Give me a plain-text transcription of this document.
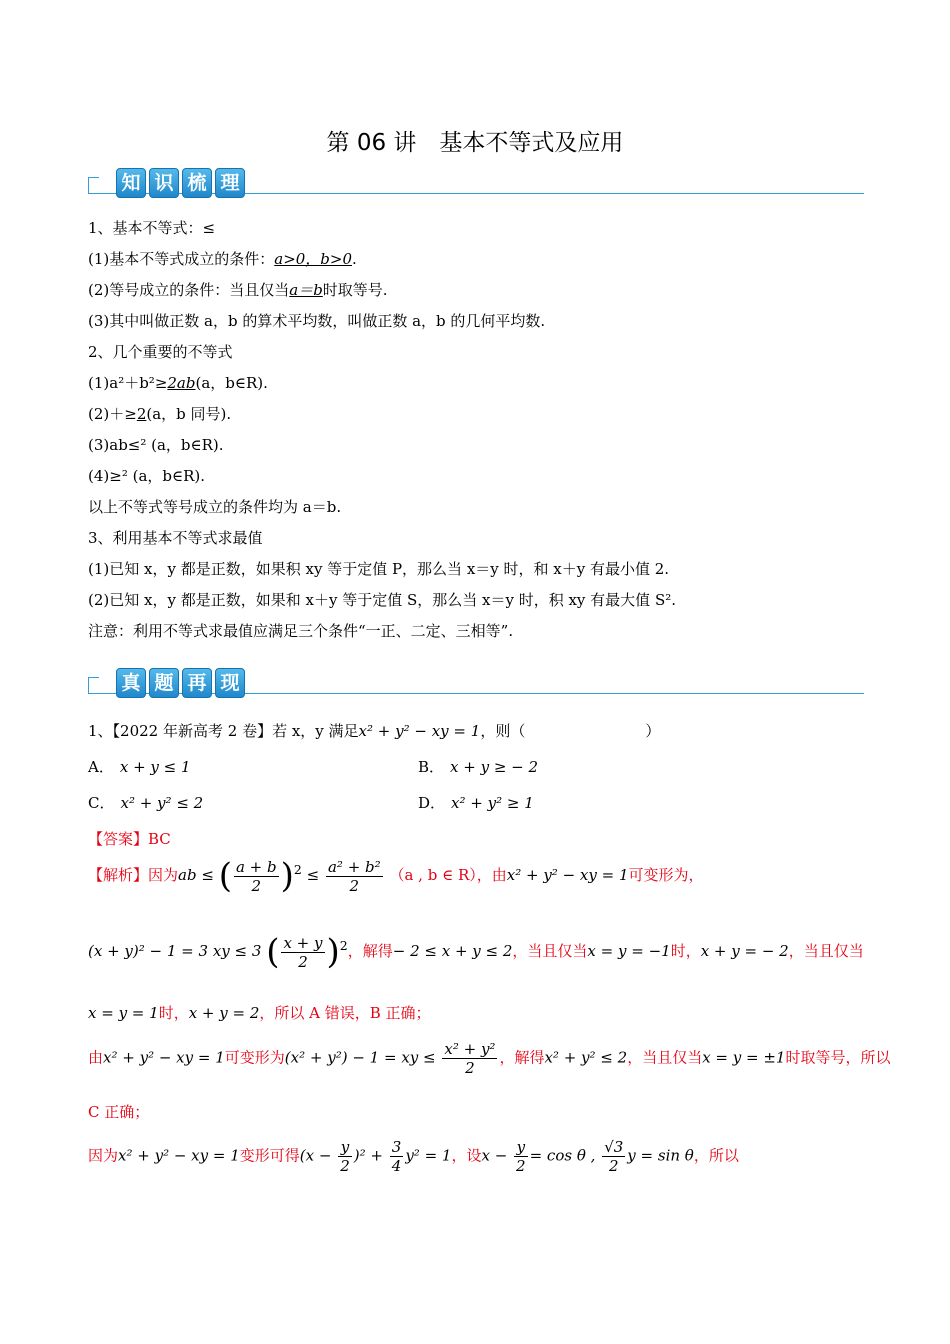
第 06 讲　基本不等式及应用
知 识 梳 理
1、基本不等式：≤
(1)基本不等式成立的条件：a>0，b>0.
(2)等号成立的条件：当且仅当a＝b时取等号.
(3)其中叫做正数 a，b 的算术平均数，叫做正数 a，b 的几何平均数.
2、几个重要的不等式
(1)a²＋b²≥2ab(a，b∈R).
(2)＋≥2(a，b 同号).
(3)ab≤² (a，b∈R).
(4)≥² (a，b∈R).
以上不等式等号成立的条件均为 a＝b.
3、利用基本不等式求最值
(1)已知 x，y 都是正数，如果积 xy 等于定值 P，那么当 x＝y 时，和 x＋y 有最小值 2.
(2)已知 x，y 都是正数，如果和 x＋y 等于定值 S，那么当 x＝y 时，积 xy 有最大值 S².
注意：利用不等式求最值应满足三个条件“一正、二定、三相等”.
真 题 再 现
1、【2022 年新高考 2 卷】若 x，y 满足x² + y² − xy = 1，则（　　　　　　　　）
A． x + y ≤ 1	B． x + y ≥ − 2
C． x² + y² ≤ 2	D． x² + y² ≥ 1
【答案】BC
【解析】因为ab ≤ ( $\frac{a + b}{2} )^2 \le \frac{\text{a² + b²}}{2} (a$ , b ∈ R），由x² + y² − xy = 1可变形为，
(x + y)² − 1 = 3 xy ≤ 3 ( $\frac{x + y}{2} )^2$，解得− 2 ≤ x + y ≤ 2，当且仅当x = y = −1时，x + y = − 2，当且仅当
x = y = 1时，x + y = 2，所以 A 错误，B 正确；
由x² + y² − xy = 1可变形为(x² + y²) − 1 = xy ≤ $\frac{\text{x² + y²}}{2}$ ，解得x² + y² ≤ 2，当且仅当x = y = ±1时取等号，所以
C 正确；
因为x² + y² − xy = 1变形可得$(x - \frac{y}{2} )^2 + \frac{3}{4} y^2 = 1$，设$x - \frac{y}{2} = \cos \theta$ , $\frac{√3}{2}$ y = sin θ，所以
